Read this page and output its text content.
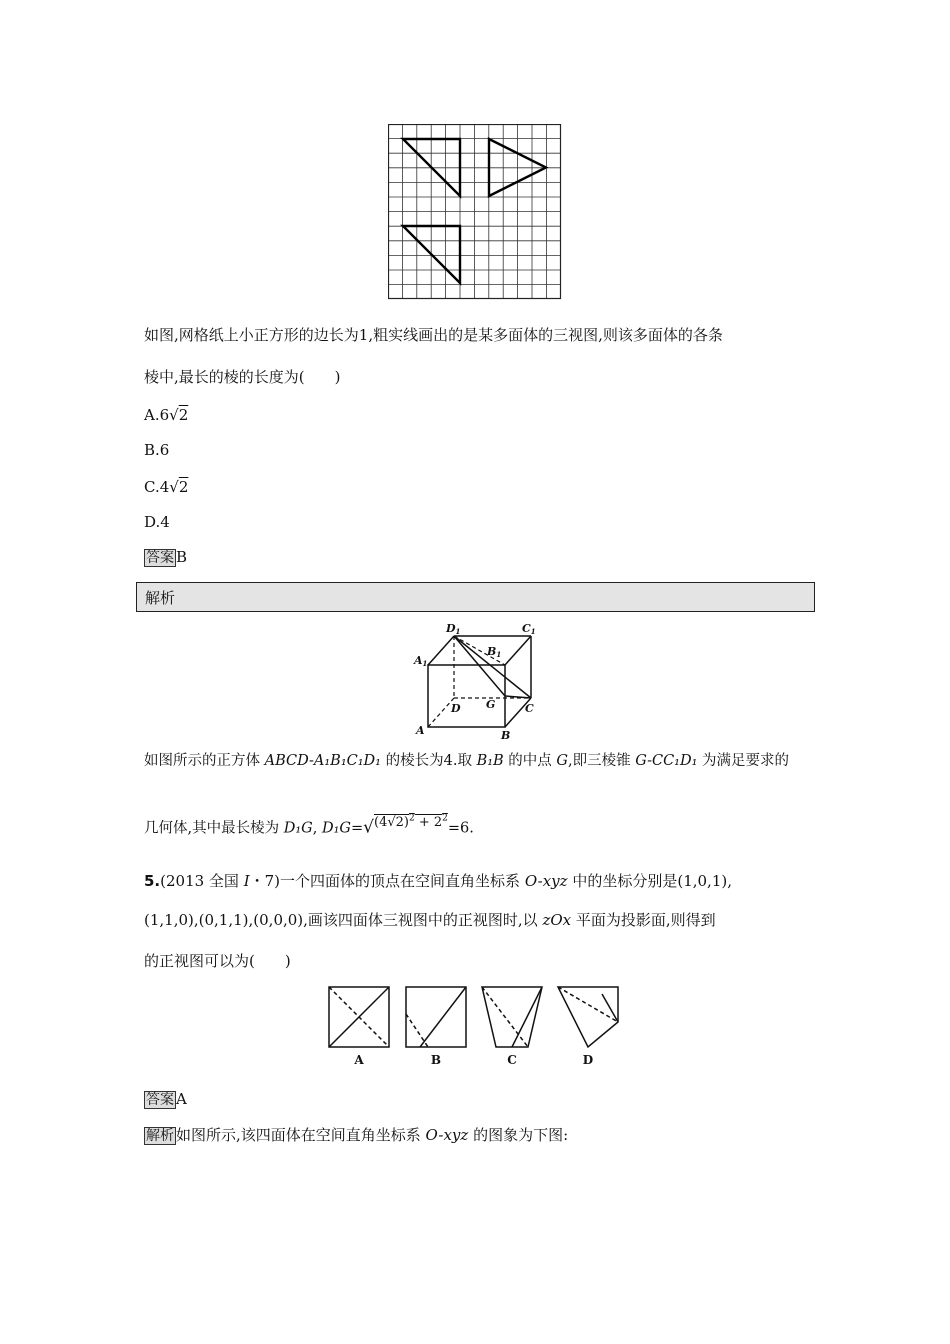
如图,网格纸上小正方形的边长为1,粗实线画出的是某多面体的三视图,则该多面体的各条
棱中,最长的棱的长度为(　　)
A.6√2
B.6
C.4√2
D.4
答案 B
解析
D1	C1
A1
B1
G	C
D
A	B
如图所示的正方体 ABCD-A₁B₁C₁D₁ 的棱长为4.取 B₁B 的中点 G,即三棱锥 G-CC₁D₁ 为满足要求的
几何体,其中最长棱为 D₁G, $D_1G=√(4√2)^2 + 2^2=6$.
5.(2013 全国 Ⅰ・7)一个四面体的顶点在空间直角坐标系 O-xyz 中的坐标分别是(1,0,1),
(1,1,0),(0,1,1),(0,0,0),画该四面体三视图中的正视图时,以 zOx 平面为投影面,则得到
的正视图可以为(　　)
A	B	C	D
答案 A
解析 如图所示,该四面体在空间直角坐标系 O-xyz 的图象为下图:
